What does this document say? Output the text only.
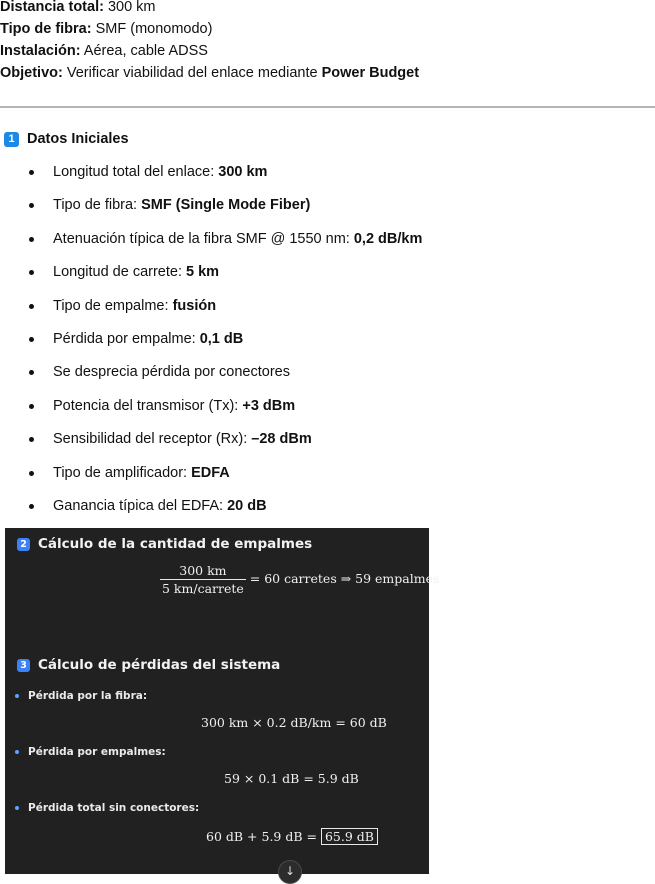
Distancia total: 300 km
Tipo de fibra: SMF (monomodo)
Instalación: Aérea, cable ADSS
Objetivo: Verificar viabilidad del enlace mediante Power Budget
1 Datos Iniciales
Longitud total del enlace: 300 km
Tipo de fibra: SMF (Single Mode Fiber)
Atenuación típica de la fibra SMF @ 1550 nm: 0,2 dB/km
Longitud de carrete: 5 km
Tipo de empalme: fusión
Pérdida por empalme: 0,1 dB
Se desprecia pérdida por conectores
Potencia del transmisor (Tx): +3 dBm
Sensibilidad del receptor (Rx): –28 dBm
Tipo de amplificador: EDFA
Ganancia típica del EDFA: 20 dB
2 Cálculo de la cantidad de empalmes
$\frac{300 km}{\text{5 km/carrete}} = 60$ carretes ⇒ 59 empalmes
3 Cálculo de pérdidas del sistema
Pérdida por la fibra:
300 km × 0.2 dB/km = 60 dB
Pérdida por empalmes:
59 × 0.1 dB = 5.9 dB
Pérdida total sin conectores:
60 dB + 5.9 dB = 65.9 dB
↓
